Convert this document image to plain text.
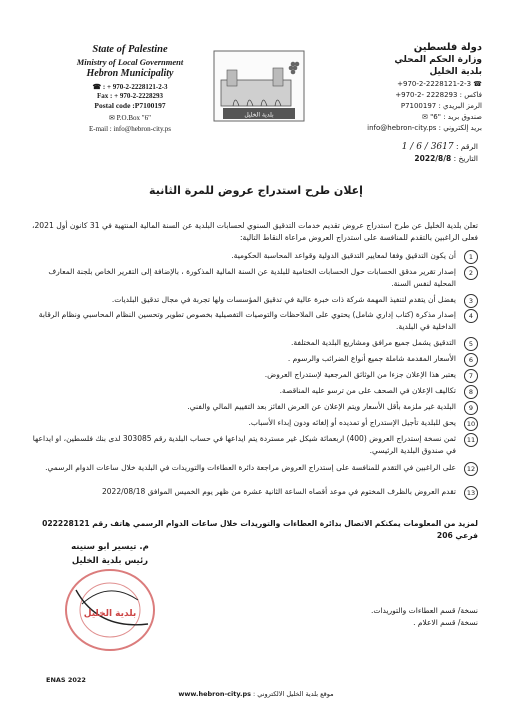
State of Palestine
Ministry of Local Government
Hebron Municipality
☎ : + 970-2-2228121-2-3
Fax : + 970-2-2228293
Postal code :P7100197
✉ P.O.Box "6"
E-mail : info@hebron-city.ps
بلدية الخليل
دولة فلسطين
وزارة الحكم المحلي
بلدية الخليل
+970-2-2228121-2-3 ☎
فاكس : 2228293 -2-970+
الرمز البريدي : P7100197
صندوق بريد : "6" ✉
بريد إلكتروني : info@hebron-city.ps
الرقم : 3617 / 6 / 1
التاريخ : 2022/8/8
إعلان طرح استدراج عروض للمرة الثانية
تعلن بلدية الخليل عن طرح استدراج عروض تقديم خدمات التدقيق السنوي لحسابات البلدية عن السنة المالية المنتهية في 31 كانون أول 2021، فعلى الراغبين بالتقدم للمنافسة على استدراج العروض مراعاة النقاط التالية:
1
أن يكون التدقيق وفقا لمعايير التدقيق الدولية وقواعد المحاسبة الحكومية.
2
إصدار تقرير مدقق الحسابات حول الحسابات الختامية للبلدية عن السنة المالية المذكورة ، بالإضافة إلى التقرير الخاص بلجنة المعارف المحلية لنفس السنة.
3
يفضل أن يتقدم لتنفيذ المهمة شركة ذات خبرة عالية في تدقيق المؤسسات ولها تجربة في مجال تدقيق البلديات.
4
إصدار مذكرة (كتاب إداري شامل) يحتوي على الملاحظات والتوصيات التفصيلية بخصوص تطوير وتحسين النظام المحاسبي ونظام الرقابة الداخلية في البلدية.
5
التدقيق يشمل جميع مرافق ومشاريع البلدية المختلفة.
6
الأسعار المقدمة شاملة جميع أنواع الضرائب والرسوم .
7
يعتبر هذا الإعلان جزءا من الوثائق المرجعية لإستدراج العروض.
8
تكاليف الإعلان في الصحف على من ترسو عليه المناقصة.
9
البلدية غير ملزمة بأقل الأسعار ويتم الإعلان عن العرض الفائز بعد التقييم المالي والفني.
10
يحق للبلدية تأجيل الإستدراج أو تمديده أو إلغائه ودون إبداء الأسباب.
11
ثمن نسخة إستدراج العروض (400) اربعمائة شيكل غير مستردة يتم ايداعها في حساب البلدية رقم 303085 لدى بنك فلسطين، او ايداعها في صندوق البلدية الرئيسي.
12
على الراغبين في التقدم للمنافسة على إستدراج العروض مراجعة دائرة العطاءات والتوريدات في البلدية خلال ساعات الدوام الرسمي.
13
تقدم العروض بالظرف المختوم في موعد أقصاه الساعة الثانية عشرة من ظهر يوم الخميس الموافق 2022/08/18
لمزيد من المعلومات يمكنكم الاتصال بدائرة العطاءات والتوريدات خلال ساعات الدوام الرسمي هاتف رقم 022228121 فرعي 206
م. تيسير ابو سنينه
رئيس بلدية الخليل
بلدية الخليل	نسخة/ قسم العطاءات والتوريدات.
نسخة/ قسم الاعلام .
ENAS 2022
موقع بلدية الخليل الالكتروني : www.hebron-city.ps
